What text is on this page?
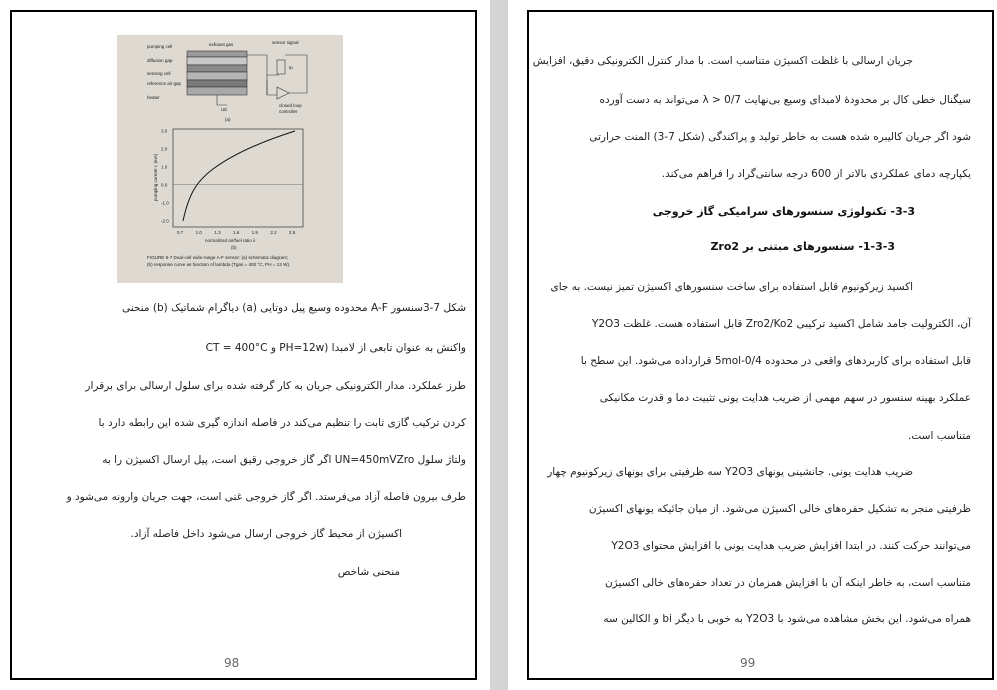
pumping cell	exhaust gas	sensor signal
diffusion gap
sensing cell
reference air gap
heater
Ip
UE
closed loop
controller
(a)
3.0
2.0
1.0
0.0
-1.0
-2.0
0.7	1.0	1.3	1.6	1.9	2.2	2.5
pumping current I, (mA)
normalized air/fuel ratio λ
(b)
FIGURE 6-7 Dual-cell wide-range A-F sensor: (a) schematic diagram;
(b) response curve as function of lambda (Tgas = 400 °C, PH = 12 W).
شکل 7-3سنسور A-F محدوده وسیع پیل دوتایی (a) دیاگرام شماتیک (b) منحنی
واکنش به عنوان تابعی از لامبدا (PH=12w و CT = 400°C
طرز عملکرد. مدار الکترونیکی جریان به کار گرفته شده برای سلول ارسالی برای برقرار
کردن ترکیب گازی ثابت را تنظیم می‌کند در فاصله اندازه گیری شده این رابطه دارد با
ولتاژ سلول UN=450mVZro اگر گاز خروجی رقیق است، پیل ارسال اکسیژن را به
طرف بیرون فاصله آزاد می‌فرستد. اگر گاز خروجی غنی است، جهت جریان وارونه می‌شود و
اکسیژن از محیط گاز خروجی ارسال می‌شود داخل فاصله آزاد.
منحنی شاخص
98
جریان ارسالی با غلظت اکسیژن متناسب است. با مدار کنترل الکترونیکی دقیق، افزایش
سیگنال خطی کال بر محدودۀ لامبدای وسیع بی‌نهایت λ > 0/7 می‌تواند به دست آورده
شود اگر جریان کالیبره شده هست به خاطر تولید و پراکندگی (شکل 7-3) المنت حرارتی
یکپارچه دمای عملکردی بالاتر از 600 درجه سانتی‌گراد را فراهم می‌کند.
3-3- تکنولوژی سنسورهای سرامیکی گاز خروجی
1-3-3- سنسورهای مبتنی بر Zro2
اکسید زیرکونیوم قابل استفاده برای ساخت سنسورهای اکسیژن تمیز نیست. به جای
آن، الکترولیت جامد شامل اکسید ترکیبی Zro2/Ko2 قابل استفاده هست. غلظت Y2O3
قابل استفاده برای کاربردهای واقعی در محدوده 0/4-5mol قرارداده می‌شود. این سطح با
عملکرد بهینه سنسور در سهم مهمی از ضریب هدایت یونی تثبیت دما و قدرت مکانیکی
متناسب است.
ضریب هدایت یونی. جانشینی یونهای Y2O3 سه ظرفیتی برای یونهای زیرکونیوم چهار
ظرفیتی منجر به تشکیل حفره‌های خالی اکسیژن می‌شود. از میان جائیکه یونهای اکسیژن
می‌توانند حرکت کنند. در ابتدا افزایش ضریب هدایت یونی با افزایش محتوای Y2O3
متناسب است، به خاطر اینکه آن با افزایش همزمان در تعداد حفره‌های خالی اکسیژن
همراه می‌شود. این بخش مشاهده می‌شود با Y2O3 به خوبی با دیگر bi و الکالین سه
99
